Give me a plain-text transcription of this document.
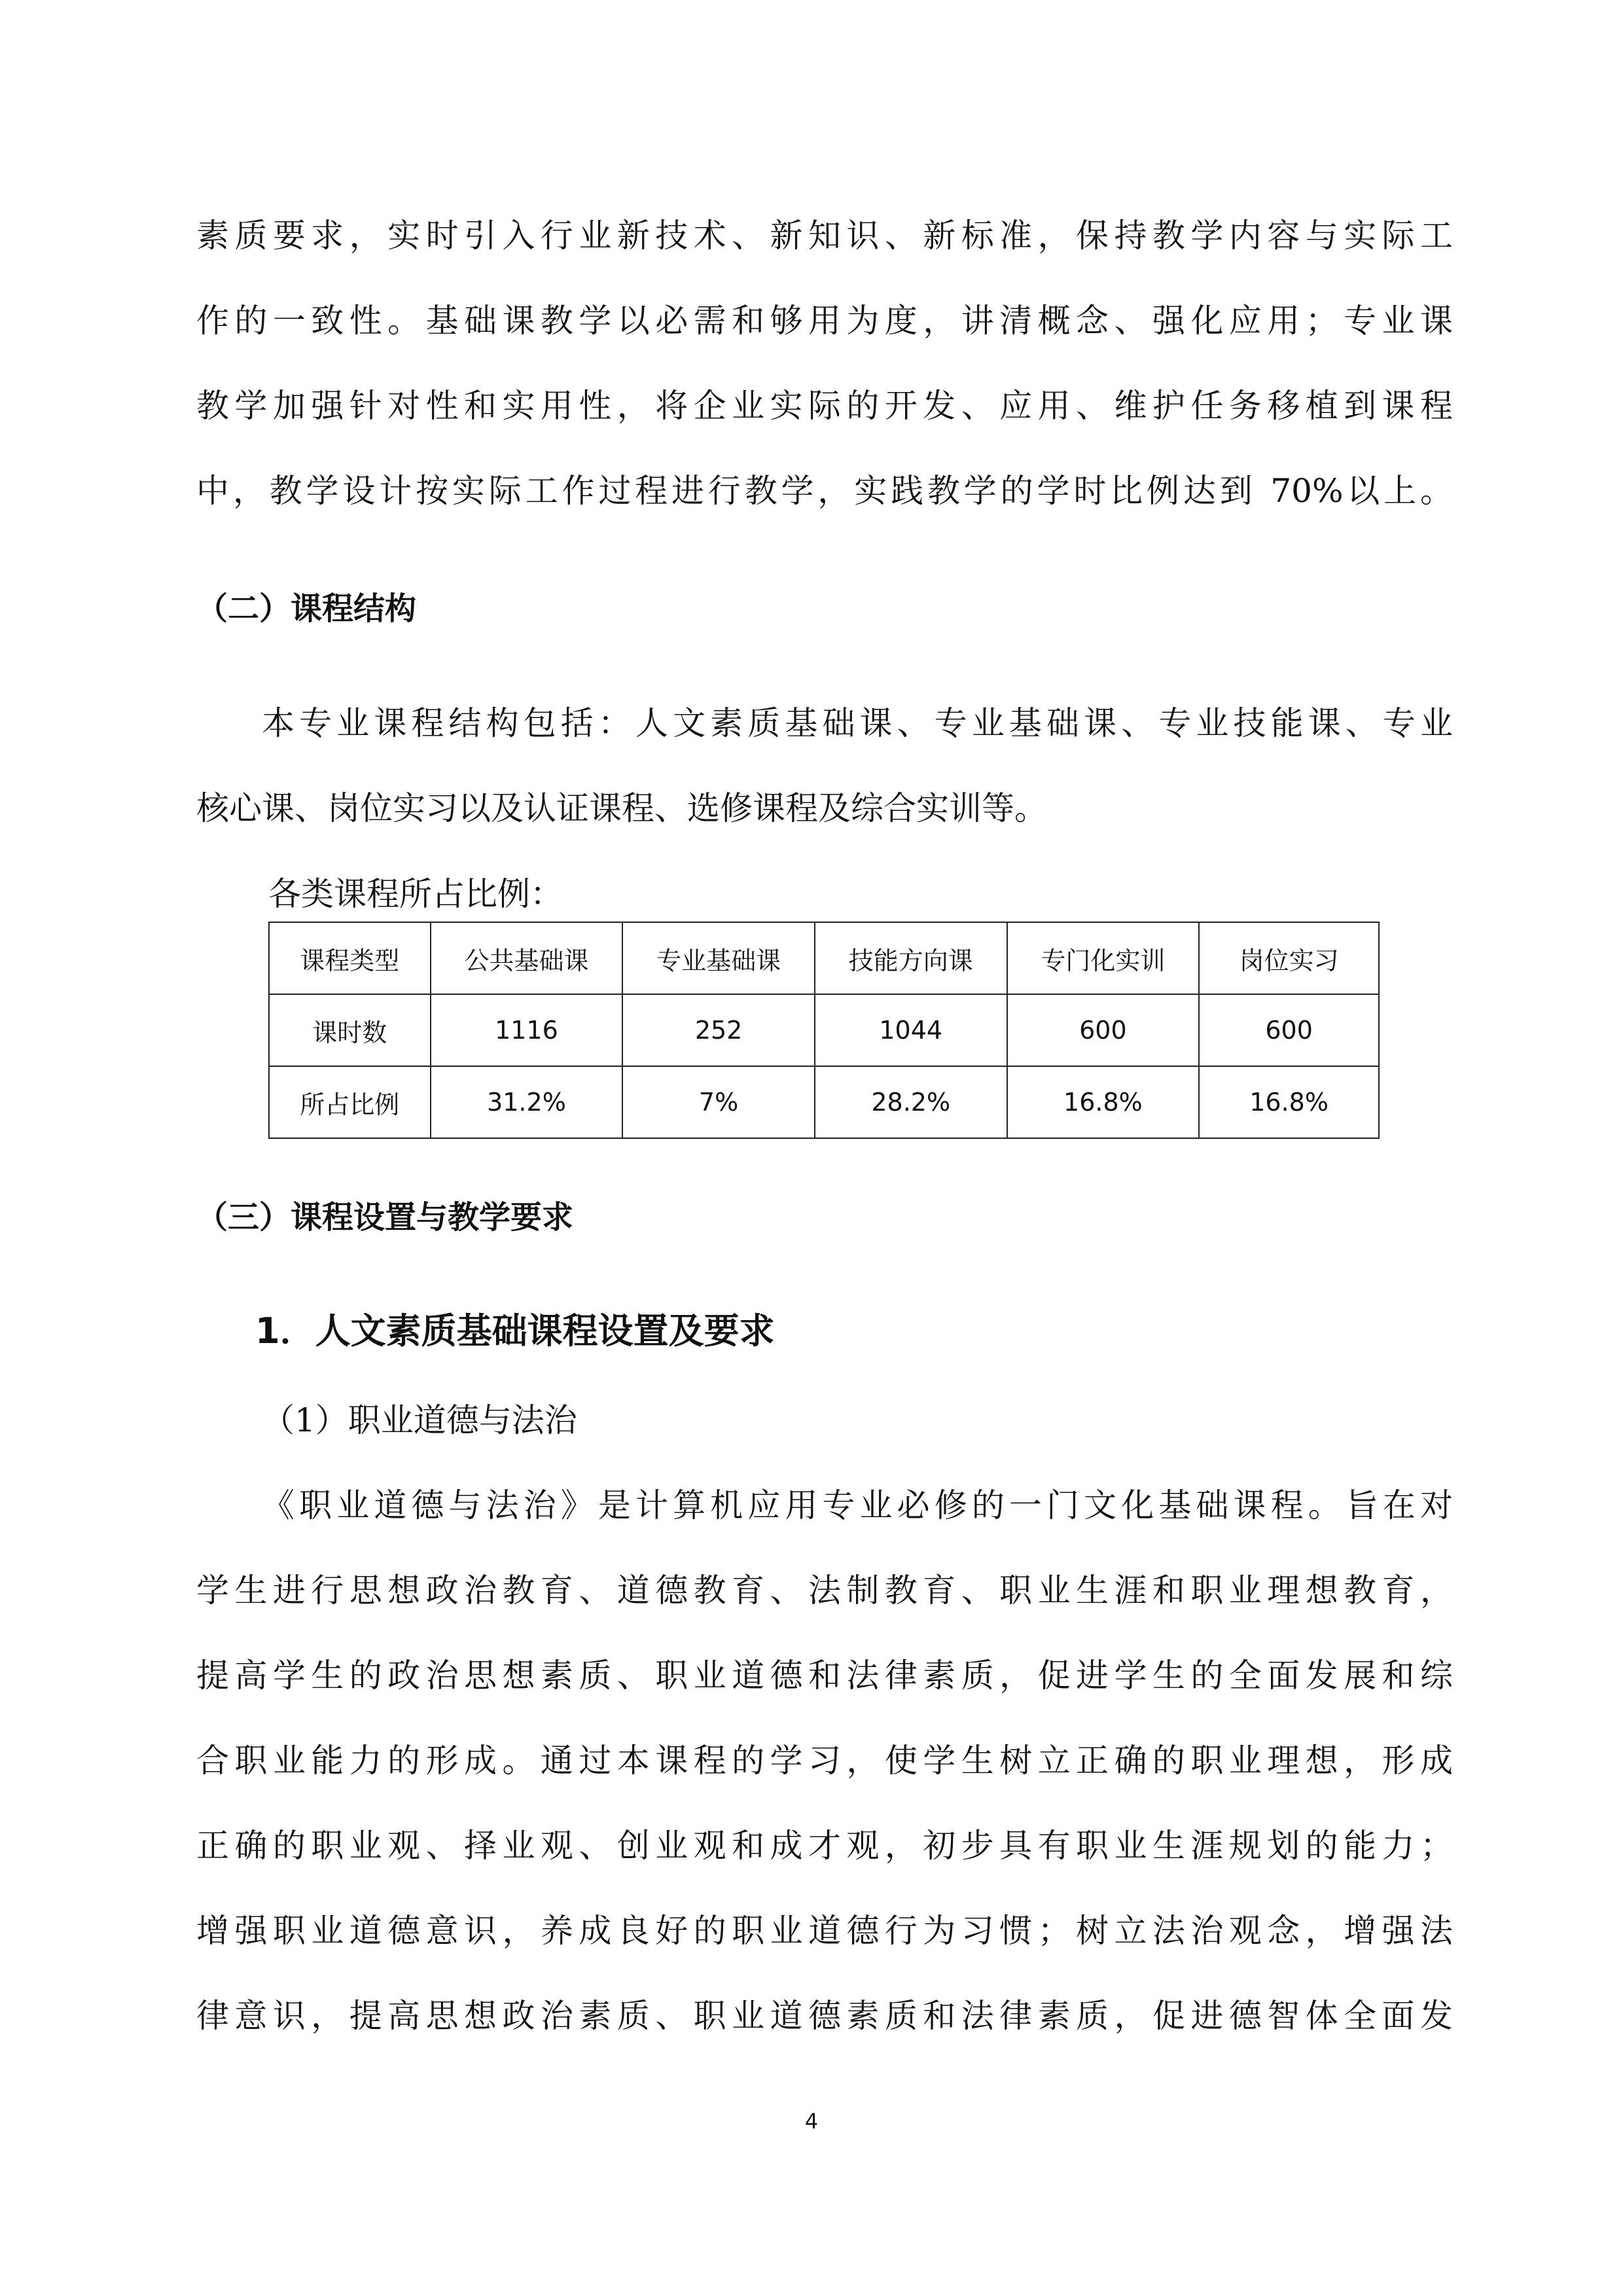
素质要求，实时引入行业新技术、新知识、新标准，保持教学内容与实际工
作的一致性。基础课教学以必需和够用为度，讲清概念、强化应用；专业课
教学加强针对性和实用性，将企业实际的开发、应用、维护任务移植到课程
中，教学设计按实际工作过程进行教学，实践教学的学时比例达到 70%以上。
（二）课程结构
本专业课程结构包括：人文素质基础课、专业基础课、专业技能课、专业
核心课、岗位实习以及认证课程、选修课程及综合实训等。
各类课程所占比例：
课程类型	公共基础课	专业基础课	技能方向课	专门化实训	岗位实习
课时数	1116	252	1044	600	600
所占比例	31.2%	7%	28.2%	16.8%	16.8%
（三）课程设置与教学要求
1．人文素质基础课程设置及要求
（1）职业道德与法治
《职业道德与法治》是计算机应用专业必修的一门文化基础课程。旨在对
学生进行思想政治教育、道德教育、法制教育、职业生涯和职业理想教育，
提高学生的政治思想素质、职业道德和法律素质，促进学生的全面发展和综
合职业能力的形成。通过本课程的学习，使学生树立正确的职业理想，形成
正确的职业观、择业观、创业观和成才观，初步具有职业生涯规划的能力；
增强职业道德意识，养成良好的职业道德行为习惯；树立法治观念，增强法
律意识，提高思想政治素质、职业道德素质和法律素质，促进德智体全面发
4
